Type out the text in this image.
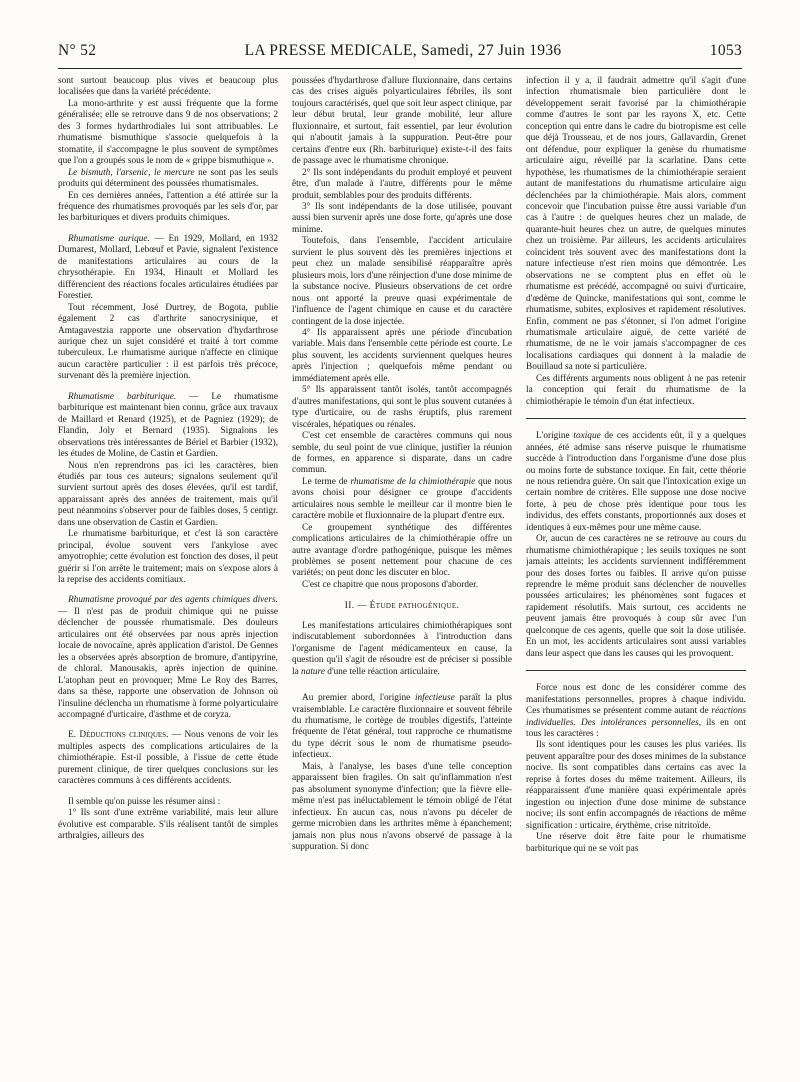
N° 52	LA PRESSE MEDICALE, Samedi, 27 Juin 1936	1053

sont surtout beaucoup plus vives et beaucoup plus localisées que dans la variété précédente.

La mono-arthrite y est aussi fréquente que la forme généralisée; elle se retrouve dans 9 de nos observations; 2 des 3 formes hydarthrodiales lui sont attribuables. Le rhumatisme bismuthique s'associe quelquefois à la stomatite, il s'accompagne le plus souvent de symptômes que l'on a groupés sous le nom de « grippe bismuthique ».

Le bismuth, l'arsenic, le mercure ne sont pas les seuls produits qui déterminent des poussées rhumatismales.

En ces dernières années, l'attention a été attirée sur la fréquence des rhumatismes provoqués par les sels d'or, par les barbituriques et divers produits chimiques.

Rhumatisme aurique. — En 1929, Mollard, en 1932 Dumarest, Mollard, Lebœuf et Pavie, signalent l'existence de manifestations articulaires au cours de la chrysothérapie. En 1934, Hinault et Mollard les différencient des réactions focales articulaires étudiées par Forestier.

Tout récemment, José Durtrey, de Bogota, publie également 2 cas d'arthrite sanocrysinique, et Amtagavestzia rapporte une observation d'hydarthrose aurique chez un sujet considéré et traité à tort comme tuberculeux. Le rhumatisme aurique n'affecte en clinique aucun caractère particulier : il est parfois très précoce, survenant dès la première injection.

Rhumatisme barbiturique. — Le rhumatisme barbiturique est maintenant bien connu, grâce aux travaux de Maillard et Renard (1925), et de Pagniez (1929); de Flandin, Joly et Bernard (1935). Signalons les observations très intéressantes de Bériel et Barbier (1932), les études de Moline, de Castin et Gardien.

Nous n'en reprendrons pas ici les caractères, bien étudiés par tous ces auteurs; signalons seulement qu'il survient surtout après des doses élevées, qu'il est tardif, apparaissant après des années de traitement, mais qu'il peut néanmoins s'observer pour de faibles doses, 5 centigr. dans une observation de Castin et Gardien.

Le rhumatisme barbiturique, et c'est là son caractère principal, évolue souvent vers l'ankylose avec amyotrophie; cette évolution est fonction des doses, il peut guérir si l'on arrête le traitement; mais on s'expose alors à la reprise des accidents comitiaux.

Rhumatisme provoqué par des agents chimiques divers. — Il n'est pas de produit chimique qui ne puisse déclencher de poussée rhumatismale. Des douleurs articulaires ont été observées par nous après injection locale de novocaïne, après application d'aristol. De Gennes les a observées après absorption de bromure, d'antipyrine, de chloral. Manousakis, après injection de quinine. L'atophan peut en provoquer; Mme Le Roy des Barres, dans sa thèse, rapporte une observation de Johnson où l'insuline déclencha un rhumatisme à forme polyarticulaire accompagné d'urticaire, d'asthme et de coryza.

E. Déductions cliniques. — Nous venons de voir les multiples aspects des complications articulaires de la chimiothérapie. Est-il possible, à l'issue de cette étude purement clinique, de tirer quelques conclusions sur les caractères communs à ces différents accidents.

Il semble qu'on puisse les résumer ainsi :

1° Ils sont d'une extrême variabilité, mais leur allure évolutive est comparable. S'ils réalisent tantôt de simples arthralgies, ailleurs des

poussées d'hydarthrose d'allure fluxionnaire, dans certains cas des crises aiguës polyarticulaires fébriles, ils sont toujours caractérisés, quel que soit leur aspect clinique, par leur début brutal, leur grande mobilité, leur allure fluxionnaire, et surtout, fait essentiel, par leur évolution qui n'aboutit jamais à la suppuration. Peut-être pour certains d'entre eux (Rh. barbiturique) existe-t-il des faits de passage avec le rhumatisme chronique.

2° Ils sont indépendants du produit employé et peuvent être, d'un malade à l'autre, différents pour le même produit, semblables pour des produits différents.

3° Ils sont indépendants de la dose utilisée, pouvant aussi bien survenir après une dose forte, qu'après une dose minime.

Toutefois, dans l'ensemble, l'accident articulaire survient le plus souvent dès les premières injections et peut chez un malade sensibilisé réapparaître après plusieurs mois, lors d'une réinjection d'une dose minime de la substance nocive. Plusieurs observations de cet ordre nous ont apporté la preuve quasi expérimentale de l'influence de l'agent chimique en cause et du caractère contingent de la dose injectée.

4° Ils apparaissent après une période d'incubation variable. Mais dans l'ensemble cette période est courte. Le plus souvent, les accidents surviennent quelques heures après l'injection ; quelquefois même pendant ou immédiatement après elle.

5° Ils apparaissent tantôt isolés, tantôt accompagnés d'autres manifestations, qui sont le plus souvent cutanées à type d'urticaire, ou de rashs éruptifs, plus rarement viscérales, hépatiques ou rénales.

C'est cet ensemble de caractères communs qui nous semble, du seul point de vue clinique, justifier la réunion de formes, en apparence si disparate, dans un cadre commun.

Le terme de rhumatisme de la chimiothérapie que nous avons choisi pour désigner ce groupe d'accidents articulaires nous semble le meilleur car il montre bien le caractère mobile et fluxionnaire de la plupart d'entre eux.

Ce groupement synthétique des différentes complications articulaires de la chimiothérapie offre un autre avantage d'ordre pathogénique, puisque les mêmes problèmes se posent nettement pour chacune de ces variétés; on peut donc les discuter en bloc.

C'est ce chapitre que nous proposons d'aborder.

II. — Étude pathogénique.

Les manifestations articulaires chimiothérapiques sont indiscutablement subordonnées à l'introduction dans l'organisme de l'agent médicamenteux en cause, la question qu'il s'agit de résoudre est de préciser si possible la nature d'une telle réaction articulaire.

Au premier abord, l'origine infectieuse paraît la plus vraisemblable. Le caractère fluxionnaire et souvent fébrile du rhumatisme, le cortège de troubles digestifs, l'atteinte fréquente de l'état général, tout rapproche ce rhumatisme du type décrit sous le nom de rhumatisme pseudo-infectieux.

Mais, à l'analyse, les bases d'une telle conception apparaissent bien fragiles. On sait qu'inflammation n'est pas absolument synonyme d'infection; que la fièvre elle-même n'est pas inéluctablement le témoin obligé de l'état infectieux. En aucun cas, nous n'avons pu déceler de germe microbien dans les arthrites même à épanchement; jamais non plus nous n'avons observé de passage à la suppuration. Si donc

infection il y a, il faudrait admettre qu'il s'agit d'une infection rhumatismale bien particulière dont le développement serait favorisé par la chimiothérapie comme d'autres le sont par les rayons X, etc. Cette conception qui entre dans le cadre du biotropisme est celle que déjà Trousseau, et de nos jours, Gallavardin, Grenet ont défendue, pour expliquer la genèse du rhumatisme articulaire aigu, réveillé par la scarlatine. Dans cette hypothèse, les rhumatismes de la chimiothérapie seraient autant de manifestations du rhumatisme articulaire aigu déclenchées par la chimiothérapie. Mais alors, comment concevoir que l'incubation puisse être aussi variable d'un cas à l'autre : de quelques heures chez un malade, de quarante-huit heures chez un autre, de quelques minutes chez un troisième. Par ailleurs, les accidents articulaires coïncident très souvent avec des manifestations dont la nature infectieuse n'est rien moins que démontrée. Les observations ne se comptent plus en effet où le rhumatisme est précédé, accompagné ou suivi d'urticaire, d'œdème de Quincke, manifestations qui sont, comme le rhumatisme, subites, explosives et rapidement résolutives. Enfin, comment ne pas s'étonner, si l'on admet l'origine rhumatismale articulaire aiguë, de cette variété de rhumatisme, de ne le voir jamais s'accompagner de ces localisations cardiaques qui donnent à la maladie de Bouillaud sa note si particulière.

Ces différents arguments nous obligent à ne pas retenir la conception qui ferait du rhumatisme de la chimiothérapie le témoin d'un état infectieux.

L'origine toxique de ces accidents eût, il y a quelques années, été admise sans réserve puisque le rhumatisme succède à l'introduction dans l'organisme d'une dose plus ou moins forte de substance toxique. En fait, cette théorie ne nous retiendra guère. On sait que l'intoxication exige un certain nombre de critères. Elle suppose une dose nocive forte, à peu de chose près identique pour tous les individus, des effets constants, proportionnés aux doses et identiques à eux-mêmes pour une même cause.

Or, aucun de ces caractères ne se retrouve au cours du rhumatisme chimiothérapique ; les seuils toxiques ne sont jamais atteints; les accidents surviennent indifféremment pour des doses fortes ou faibles. Il arrive qu'on puisse reprendre le même produit sans déclencher de nouvelles poussées articulaires; les phénomènes sont fugaces et rapidement résolutifs. Mais surtout, ces accidents ne peuvent jamais être provoqués à coup sûr avec l'un quelconque de ces agents, quelle que soit la dose utilisée. En un mot, les accidents articulaires sont aussi variables dans leur aspect que dans les causes qui les provoquent.

Force nous est donc de les considérer comme des manifestations personnelles, propres à chaque individu. Ces rhumatismes se présentent comme autant de réactions individuelles. Des intolérances personnelles, ils en ont tous les caractères :

Ils sont identiques pour les causes les plus variées. Ils peuvent apparaître pour des doses minimes de la substance nocive. Ils sont compatibles dans certains cas avec la reprise à fortes doses du même traitement. Ailleurs, ils réapparaissent d'une manière quasi expérimentale après ingestion ou injection d'une dose minime de substance nocive; ils sont enfin accompagnés de réactions de même signification : urticaire, érythème, crise nitritoïde.

Une réserve doit être faite pour le rhumatisme barbiturique qui ne se voit pas
